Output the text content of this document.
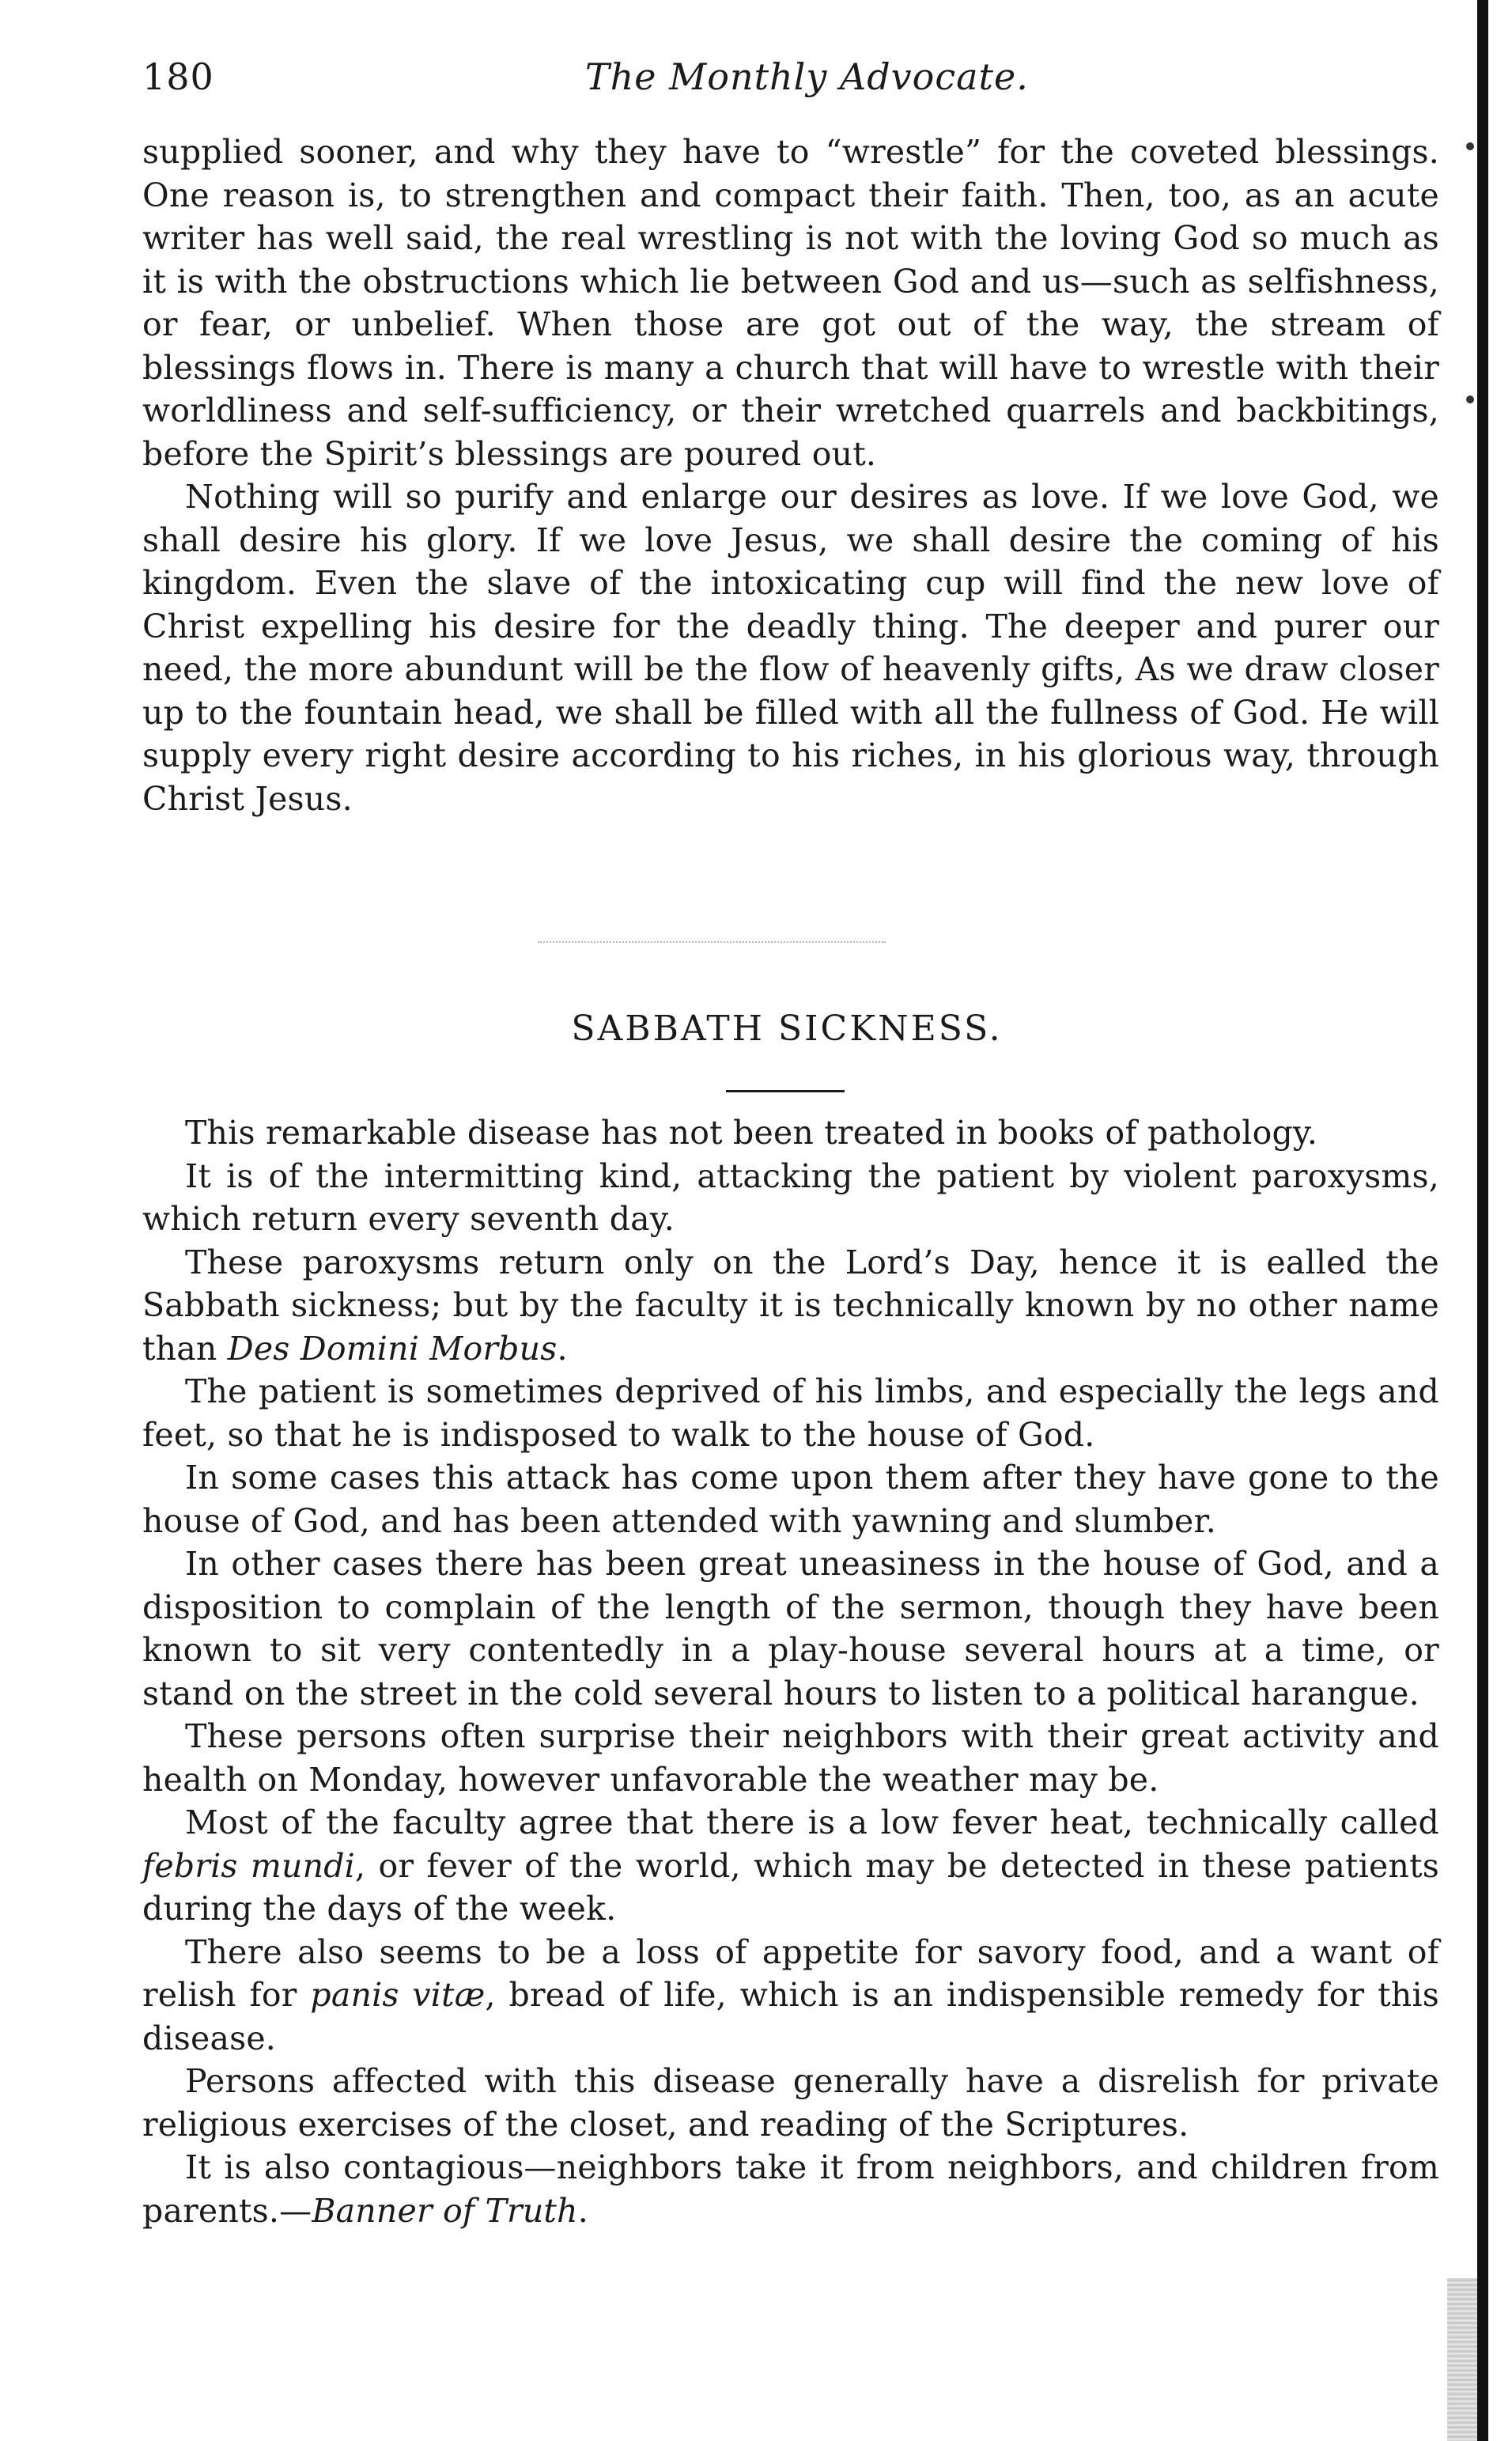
180	The Monthly Advocate.

supplied sooner, and why they have to “wrestle” for the coveted blessings. One reason is, to strengthen and compact their faith. Then, too, as an acute writer has well said, the real wrestling is not with the loving God so much as it is with the obstructions which lie between God and us—such as selfishness, or fear, or unbelief. When those are got out of the way, the stream of blessings flows in. There is many a church that will have to wrestle with their worldliness and self-sufficiency, or their wretched quarrels and backbitings, before the Spirit’s blessings are poured out.

Nothing will so purify and enlarge our desires as love. If we love God, we shall desire his glory. If we love Jesus, we shall desire the coming of his kingdom. Even the slave of the intoxicating cup will find the new love of Christ expelling his desire for the deadly thing. The deeper and purer our need, the more abundunt will be the flow of heavenly gifts, As we draw closer up to the fountain head, we shall be filled with all the fullness of God. He will supply every right desire according to his riches, in his glorious way, through Christ Jesus.

SABBATH SICKNESS.

This remarkable disease has not been treated in books of pathology.

It is of the intermitting kind, attacking the patient by violent paroxysms, which return every seventh day.

These paroxysms return only on the Lord’s Day, hence it is ealled the Sabbath sickness; but by the faculty it is technically known by no other name than Des Domini Morbus.

The patient is sometimes deprived of his limbs, and especially the legs and feet, so that he is indisposed to walk to the house of God.

In some cases this attack has come upon them after they have gone to the house of God, and has been attended with yawning and slumber.

In other cases there has been great uneasiness in the house of God, and a disposition to complain of the length of the sermon, though they have been known to sit very contentedly in a play-house several hours at a time, or stand on the street in the cold several hours to listen to a political harangue.

These persons often surprise their neighbors with their great activity and health on Monday, however unfavorable the weather may be.

Most of the faculty agree that there is a low fever heat, technically called febris mundi, or fever of the world, which may be detected in these patients during the days of the week.

There also seems to be a loss of appetite for savory food, and a want of relish for panis vitæ, bread of life, which is an indispensible remedy for this disease.

Persons affected with this disease generally have a disrelish for private religious exercises of the closet, and reading of the Scriptures.

It is also contagious—neighbors take it from neighbors, and children from parents.—Banner of Truth.
